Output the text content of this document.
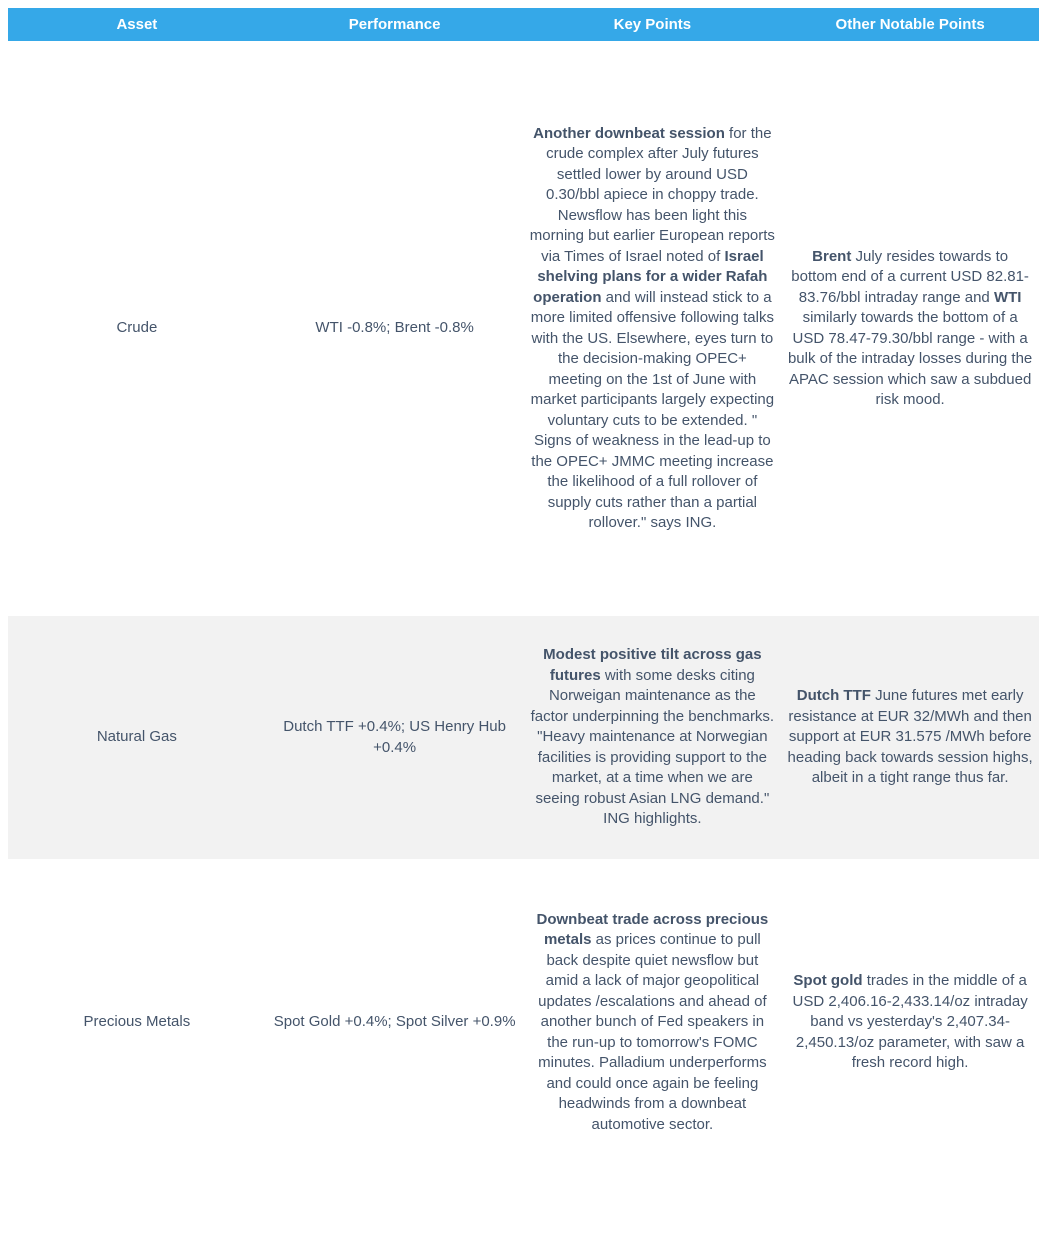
Asset	Performance	Key Points	Other Notable Points
Crude	WTI -0.8%; Brent -0.8%	Another downbeat session for the crude complex after July futures settled lower by around USD 0.30/bbl apiece in choppy trade. Newsflow has been light this morning but earlier European reports via Times of Israel noted of Israel shelving plans for a wider Rafah operation and will instead stick to a more limited offensive following talks with the US. Elsewhere, eyes turn to the decision-making OPEC+ meeting on the 1st of June with market participants largely expecting voluntary cuts to be extended. " Signs of weakness in the lead-up to the OPEC+ JMMC meeting increase the likelihood of a full rollover of supply cuts rather than a partial rollover." says ING.	Brent July resides towards to bottom end of a current USD 82.81-83.76/bbl intraday range and WTI similarly towards the bottom of a USD 78.47-79.30/bbl range - with a bulk of the intraday losses during the APAC session which saw a subdued risk mood.
Natural Gas	Dutch TTF +0.4%; US Henry Hub +0.4%	Modest positive tilt across gas futures with some desks citing Norweigan maintenance as the factor underpinning the benchmarks. "Heavy maintenance at Norwegian facilities is providing support to the market, at a time when we are seeing robust Asian LNG demand." ING highlights.	Dutch TTF June futures met early resistance at EUR 32/MWh and then support at EUR 31.575 /MWh before heading back towards session highs, albeit in a tight range thus far.
Precious Metals	Spot Gold +0.4%; Spot Silver +0.9%	Downbeat trade across precious metals as prices continue to pull back despite quiet newsflow but amid a lack of major geopolitical updates /escalations and ahead of another bunch of Fed speakers in the run-up to tomorrow's FOMC minutes. Palladium underperforms and could once again be feeling headwinds from a downbeat automotive sector.	Spot gold trades in the middle of a USD 2,406.16-2,433.14/oz intraday band vs yesterday's 2,407.34-2,450.13/oz parameter, with saw a fresh record high.
